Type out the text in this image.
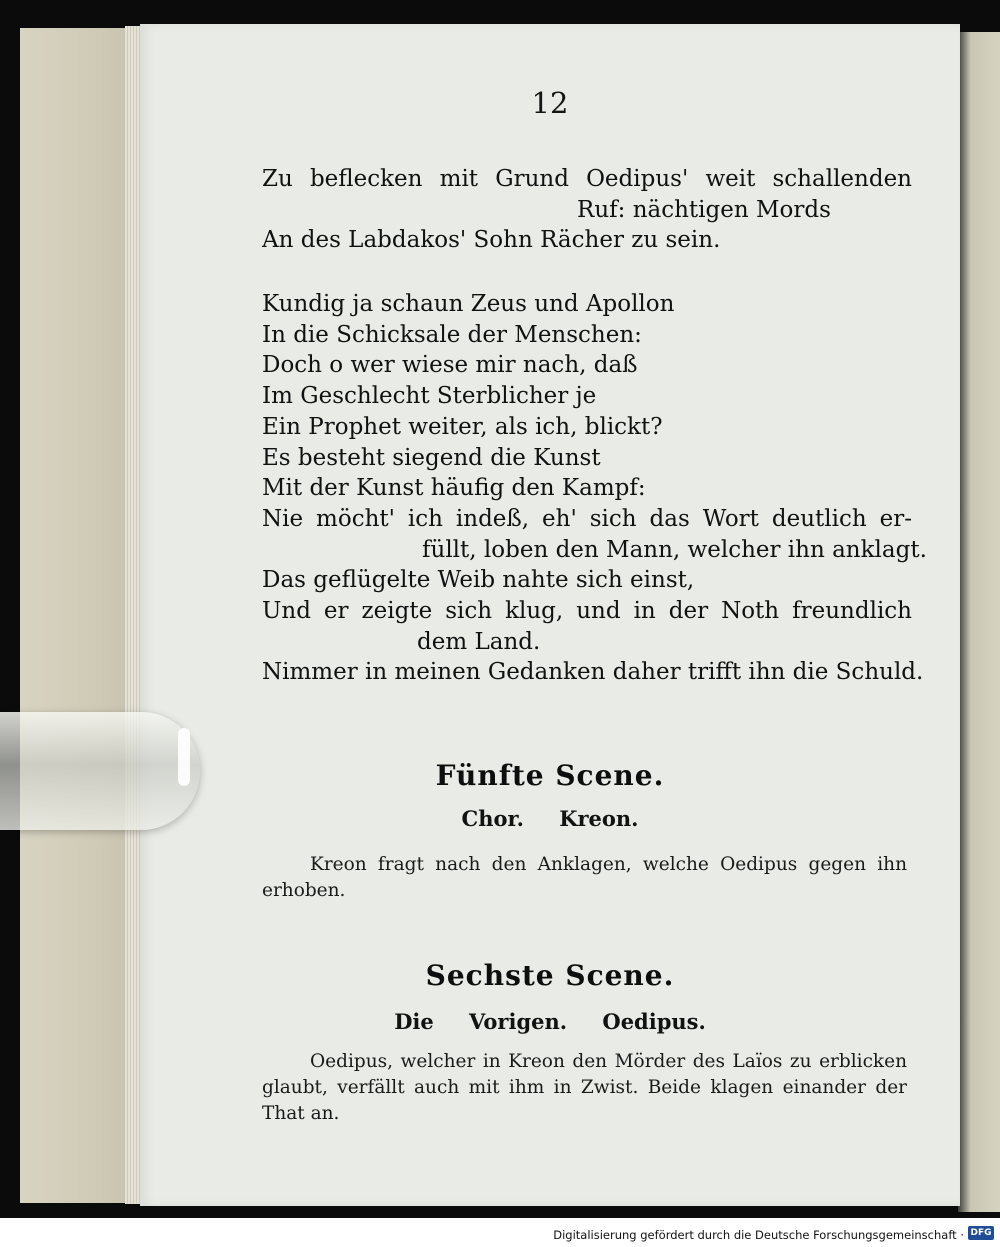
12
Zu beflecken mit Grund Oedipus' weit schallenden
Ruf: nächtigen Mords
An des Labdakos' Sohn Rächer zu sein.
Kundig ja schaun Zeus und Apollon
In die Schicksale der Menschen:
Doch o wer wiese mir nach, daß
Im Geschlecht Sterblicher je
Ein Prophet weiter, als ich, blickt?
Es besteht siegend die Kunst
Mit der Kunst häufig den Kampf:
Nie möcht' ich indeß, eh' sich das Wort deutlich er-
füllt, loben den Mann, welcher ihn anklagt.
Das geflügelte Weib nahte sich einst,
Und er zeigte sich klug, und in der Noth freundlich
dem Land.
Nimmer in meinen Gedanken daher trifft ihn die Schuld.
Fünfte Scene.
Chor. Kreon.
Kreon fragt nach den Anklagen, welche Oedipus gegen ihn erhoben.
Sechste Scene.
Die Vorigen. Oedipus.
Oedipus, welcher in Kreon den Mörder des Laïos zu erblicken glaubt, verfällt auch mit ihm in Zwist. Beide klagen einander der That an.
Digitalisierung gefördert durch die Deutsche Forschungsgemeinschaft · DFG
